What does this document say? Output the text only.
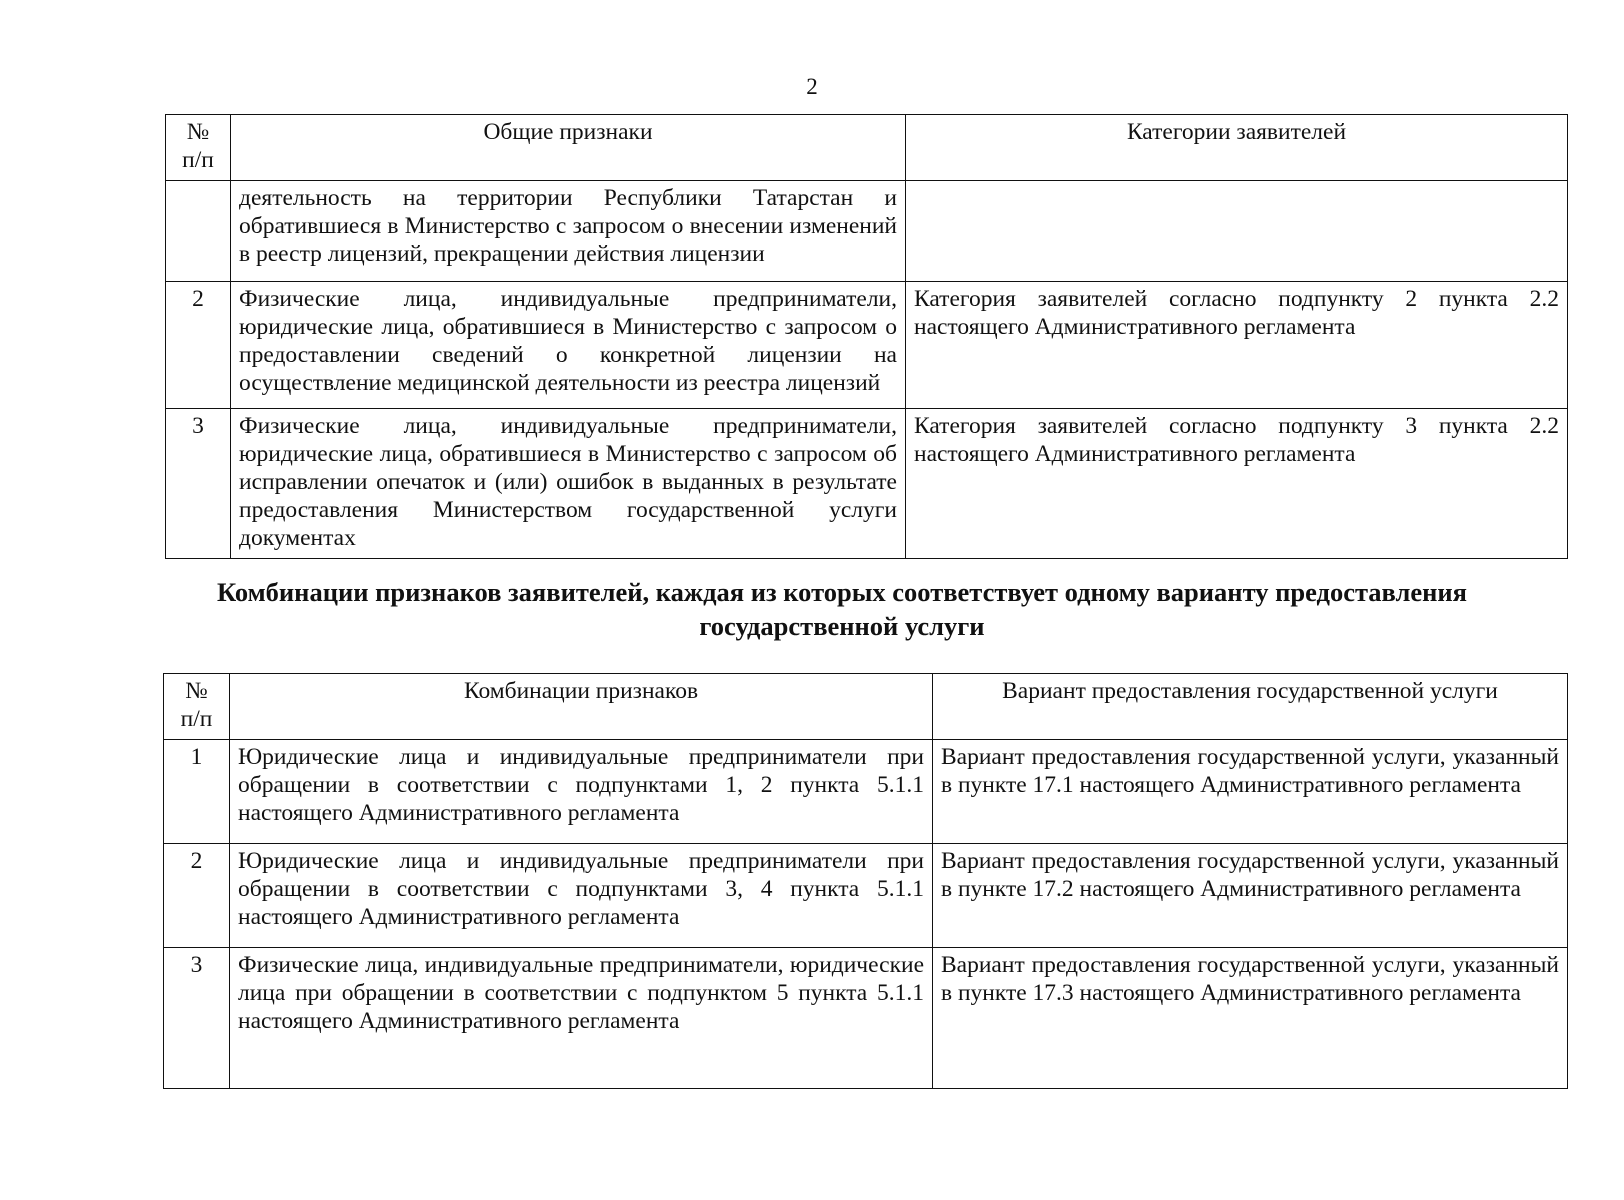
2
№
п/п	Общие признаки	Категории заявителей
	деятельность на территории Республики Татарстан и обратившиеся в Министерство с запросом о внесении изменений в реестр лицензий, прекращении действия лицензии	
2	Физические лица, индивидуальные предприниматели, юридические лица, обратившиеся в Министерство с запросом о предоставлении сведений о конкретной лицензии на осуществление медицинской деятельности из реестра лицензий	Категория заявителей согласно подпункту 2 пункта 2.2 настоящего Административного регламента
3	Физические лица, индивидуальные предприниматели, юридические лица, обратившиеся в Министерство с запросом об исправлении опечаток и (или) ошибок в выданных в результате предоставления Министерством государственной услуги документах	Категория заявителей согласно подпункту 3 пункта 2.2 настоящего Административного регламента
Комбинации признаков заявителей, каждая из которых соответствует одному варианту предоставления государственной услуги
№
п/п	Комбинации признаков	Вариант предоставления государственной услуги
1	Юридические лица и индивидуальные предприниматели при обращении в соответствии с подпунктами 1, 2 пункта 5.1.1 настоящего Административного регламента	Вариант предоставления государственной услуги, указанный в пункте 17.1 настоящего Административного регламента
2	Юридические лица и индивидуальные предприниматели при обращении в соответствии с подпунктами 3, 4 пункта 5.1.1 настоящего Административного регламента	Вариант предоставления государственной услуги, указанный в пункте 17.2 настоящего Административного регламента
3	Физические лица, индивидуальные предприниматели, юридические лица при обращении в соответствии с подпунктом 5 пункта 5.1.1 настоящего Административного регламента	Вариант предоставления государственной услуги, указанный в пункте 17.3 настоящего Административного регламента
